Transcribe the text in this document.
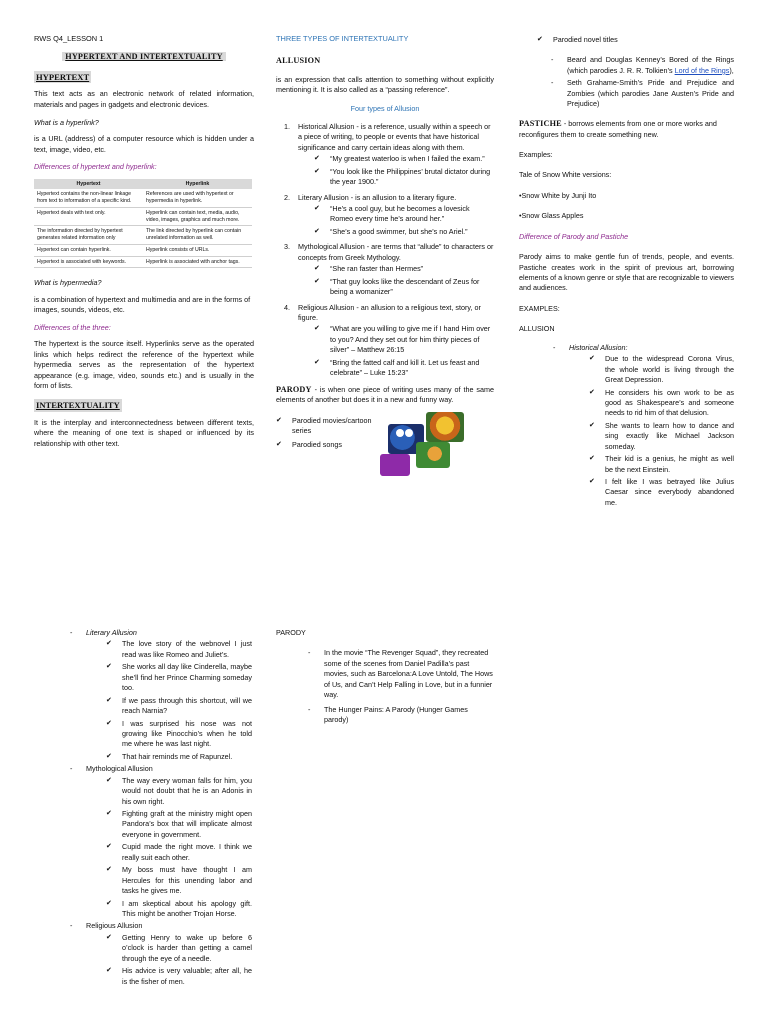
RWS Q4_LESSON 1
HYPERTEXT AND INTERTEXTUALITY
HYPERTEXT

This text acts as an electronic network of related information, materials and pages in gadgets and electronic devices.

What is a hyperlink?

is a URL (address) of a computer resource which is hidden under a text, image, video, etc.

Differences of hypertext and hyperlink:
Hypertext	Hyperlink
Hypertext contains the non-linear linkage from text to information of a specific kind.	References are used with hypertext or hypermedia in hyperlink.
Hypertext deals with text only.	Hyperlink can contain text, media, audio, video, images, graphics and much more.
The information directed by hypertext generates related information only	The link directed by hyperlink can contain unrelated information as well.
Hypertext can contain hyperlink.	Hyperlink consists of URLs.
Hypertext is associated with keywords.	Hyperlink is associated with anchor tags.
What is hypermedia?

is a combination of hypertext and multimedia and are in the forms of images, sounds, videos, etc.

Differences of the three:

The hypertext is the source itself. Hyperlinks serve as the operated links which helps redirect the reference of the hypertext while hypermedia serves as the representation of the hypertext appearance (e.g. image, video, sounds etc.) and is usually in the form of lists.

INTERTEXTUALITY

It is the interplay and interconnectedness between different texts, where the meaning of one text is shaped or influenced by its relationship with other text.

THREE TYPES OF INTERTEXTUALITY
ALLUSION

is an expression that calls attention to something without explicitly mentioning it. It is also called as a “passing reference”.

Four types of Allusion
1. Historical Allusion - is a reference, usually within a speech or a piece of writing, to people or events that have historical significance and carry certain ideas along with them.
✔ “My greatest waterloo is when I failed the exam.”
✔ “You look like the Philippines’ brutal dictator during the year 1900.”
2. Literary Allusion - is an allusion to a literary figure.
✔ “He’s a cool guy, but he becomes a lovesick Romeo every time he’s around her.”
✔ “She’s a good swimmer, but she’s no Ariel.”
3. Mythological Allusion - are terms that “allude” to characters or concepts from Greek Mythology.
✔ “She ran faster than Hermes”
✔ “That guy looks like the descendant of Zeus for being a womanizer”
4. Religious Allusion - an allusion to a religious text, story, or figure.
✔ “What are you willing to give me if I hand Him over to you? And they set out for him thirty pieces of silver” – Matthew 26:15
✔ “Bring the fatted calf and kill it. Let us feast and celebrate” – Luke 15:23”

PARODY - is when one piece of writing uses many of the same elements of another but does it in a new and funny way.

✔ Parodied movies/cartoon series
✔ Parodied songs
✔ Parodied novel titles
- Beard and Douglas Kenney’s Bored of the Rings (which parodies J. R. R. Tolkien’s Lord of the Rings),
- Seth Grahame-Smith’s Pride and Prejudice and Zombies (which parodies Jane Austen’s Pride and Prejudice)

PASTICHE - borrows elements from one or more works and reconfigures them to create something new.

Examples:

Tale of Snow White versions:

•Snow White by Junji Ito

•Snow Glass Apples

Difference of Parody and Pastiche

Parody aims to make gentle fun of trends, people, and events. Pastiche creates work in the spirit of previous art, borrowing elements of a known genre or style that are recognizable to viewers and audiences.

EXAMPLES:

ALLUSION

- Historical Allusion:
✔ Due to the widespread Corona Virus, the whole world is living through the Great Depression.
✔ He considers his own work to be as good as Shakespeare’s and someone needs to rid him of that delusion.
✔ She wants to learn how to dance and sing exactly like Michael Jackson someday.
✔ Their kid is a genius, he might as well be the next Einstein.
✔ I felt like I was betrayed like Julius Caesar since everybody abandoned me.
- Literary Allusion
✔ The love story of the webnovel I just read was like Romeo and Juliet’s.
✔ She works all day like Cinderella, maybe she’ll find her Prince Charming someday too.
✔ If we pass through this shortcut, will we reach Narnia?
✔ I was surprised his nose was not growing like Pinocchio’s when he told me where he was last night.
✔ That hair reminds me of Rapunzel.
- Mythological Allusion
✔ The way every woman falls for him, you would not doubt that he is an Adonis in his own right.
✔ Fighting graft at the ministry might open Pandora’s box that will implicate almost everyone in government.
✔ Cupid made the right move. I think we really suit each other.
✔ My boss must have thought I am Hercules for this unending labor and tasks he gives me.
✔ I am skeptical about his apology gift. This might be another Trojan Horse.
- Religious Allusion
✔ Getting Henry to wake up before 6 o’clock is harder than getting a camel through the eye of a needle.
✔ His advice is very valuable; after all, he is the fisher of men.

PARODY

- In the movie “The Revenger Squad”, they recreated some of the scenes from Daniel Padilla’s past movies, such as Barcelona:A Love Untold, The Hows of Us, and Can’t Help Falling in Love, but in a funnier way.
- The Hunger Pains: A Parody (Hunger Games parody)
